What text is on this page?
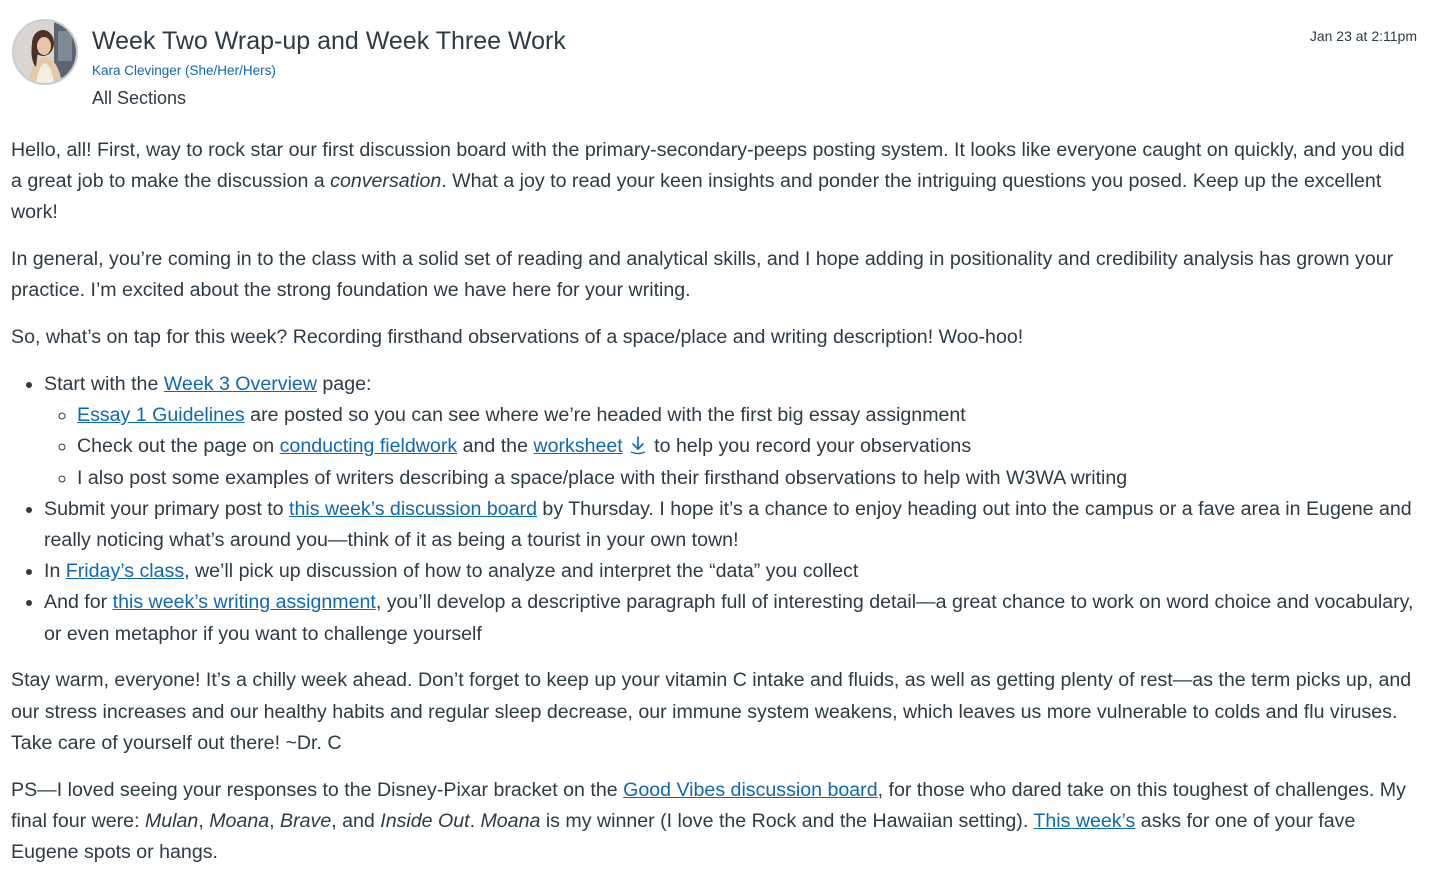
Week Two Wrap-up and Week Three Work
Kara Clevinger (She/Her/Hers)
All Sections
Jan 23 at 2:11pm

Hello, all! First, way to rock star our first discussion board with the primary-secondary-peeps posting system. It looks like everyone caught on quickly, and you did a great job to make the discussion a conversation. What a joy to read your keen insights and ponder the intriguing questions you posed. Keep up the excellent work!

In general, you’re coming in to the class with a solid set of reading and analytical skills, and I hope adding in positionality and credibility analysis has grown your practice. I’m excited about the strong foundation we have here for your writing.

So, what’s on tap for this week? Recording firsthand observations of a space/place and writing description! Woo-hoo!

• Start with the Week 3 Overview page:
◦ Essay 1 Guidelines are posted so you can see where we’re headed with the first big essay assignment
◦ Check out the page on conducting fieldwork and the worksheet
to help you record your observations
◦ I also post some examples of writers describing a space/place with their firsthand observations to help with W3WA writing
• Submit your primary post to this week’s discussion board by Thursday. I hope it’s a chance to enjoy heading out into the campus or a fave area in Eugene and really noticing what’s around you—think of it as being a tourist in your own town!
• In Friday’s class, we’ll pick up discussion of how to analyze and interpret the “data” you collect
• And for this week’s writing assignment, you’ll develop a descriptive paragraph full of interesting detail—a great chance to work on word choice and vocabulary, or even metaphor if you want to challenge yourself

Stay warm, everyone! It’s a chilly week ahead. Don’t forget to keep up your vitamin C intake and fluids, as well as getting plenty of rest—as the term picks up, and our stress increases and our healthy habits and regular sleep decrease, our immune system weakens, which leaves us more vulnerable to colds and flu viruses. Take care of yourself out there! ~Dr. C

PS—I loved seeing your responses to the Disney-Pixar bracket on the Good Vibes discussion board, for those who dared take on this toughest of challenges. My final four were: Mulan, Moana, Brave, and Inside Out. Moana is my winner (I love the Rock and the Hawaiian setting). This week’s asks for one of your fave Eugene spots or hangs.
